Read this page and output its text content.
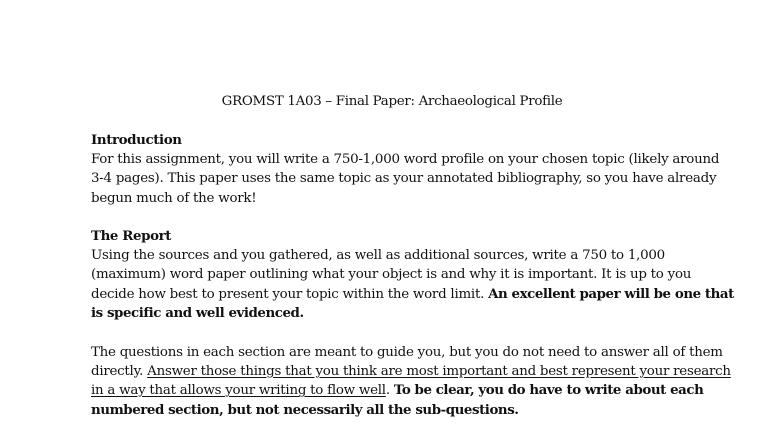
GROMST 1A03 – Final Paper: Archaeological Profile

Introduction

For this assignment, you will write a 750-1,000 word profile on your chosen topic (likely around
3-4 pages). This paper uses the same topic as your annotated bibliography, so you have already
begun much of the work!

The Report

Using the sources and you gathered, as well as additional sources, write a 750 to 1,000
(maximum) word paper outlining what your object is and why it is important. It is up to you
decide how best to present your topic within the word limit. An excellent paper will be one that
is specific and well evidenced.

The questions in each section are meant to guide you, but you do not need to answer all of them
directly. Answer those things that you think are most important and best represent your research
in a way that allows your writing to flow well. To be clear, you do have to write about each
numbered section, but not necessarily all the sub-questions.
